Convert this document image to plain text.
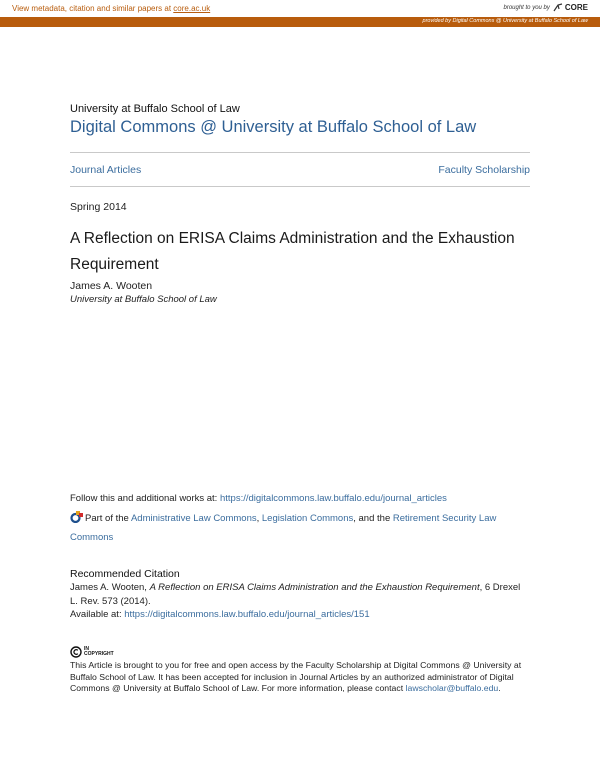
View metadata, citation and similar papers at core.ac.uk	brought to you by CORE
provided by Digital Commons @ University at Buffalo School of Law
University at Buffalo School of Law
Digital Commons @ University at Buffalo School of Law
Journal Articles	Faculty Scholarship
Spring 2014
A Reflection on ERISA Claims Administration and the Exhaustion Requirement
James A. Wooten
University at Buffalo School of Law
Follow this and additional works at: https://digitalcommons.law.buffalo.edu/journal_articles
Part of the Administrative Law Commons, Legislation Commons, and the Retirement Security Law Commons
Recommended Citation
James A. Wooten, A Reflection on ERISA Claims Administration and the Exhaustion Requirement, 6 Drexel L. Rev. 573 (2014).
Available at: https://digitalcommons.law.buffalo.edu/journal_articles/151
IN
COPYRIGHT
This Article is brought to you for free and open access by the Faculty Scholarship at Digital Commons @ University at Buffalo School of Law. It has been accepted for inclusion in Journal Articles by an authorized administrator of Digital Commons @ University at Buffalo School of Law. For more information, please contact lawscholar@buffalo.edu.
